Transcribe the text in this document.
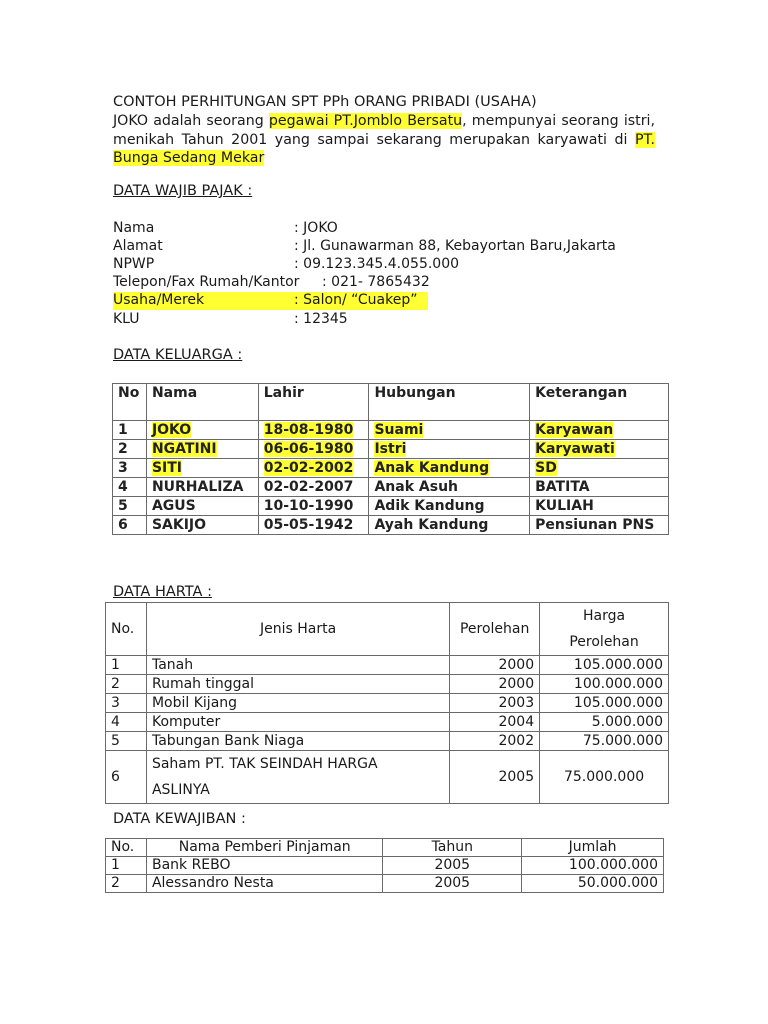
CONTOH PERHITUNGAN SPT PPh ORANG PRIBADI (USAHA)
JOKO adalah seorang pegawai PT.Jomblo Bersatu, mempunyai seorang istri, menikah Tahun 2001 yang sampai sekarang merupakan karyawati di PT. Bunga Sedang Mekar
DATA WAJIB PAJAK :
Nama	: JOKO
Alamat	: Jl. Gunawarman 88, Kebayortan Baru,Jakarta
NPWP	: 09.123.345.4.055.000
Telepon/Fax Rumah/Kantor : 021- 7865432
Usaha/Merek	: Salon/ “Cuakep”
KLU	: 12345
DATA KELUARGA :
No	Nama	Lahir	Hubungan	Keterangan
1	JOKO	18-08-1980	Suami	Karyawan
2	NGATINI	06-06-1980	Istri	Karyawati
3	SITI	02-02-2002	Anak Kandung	SD
4	NURHALIZA	02-02-2007	Anak Asuh	BATITA
5	AGUS	10-10-1990	Adik Kandung	KULIAH
6	SAKIJO	05-05-1942	Ayah Kandung	Pensiunan PNS
DATA HARTA :
No.	Jenis Harta	Perolehan	Harga Perolehan
1	Tanah	2000	105.000.000
2	Rumah tinggal	2000	100.000.000
3	Mobil Kijang	2003	105.000.000
4	Komputer	2004	5.000.000
5	Tabungan Bank Niaga	2002	75.000.000
6	Saham PT. TAK SEINDAH HARGA ASLINYA	2005	75.000.000
DATA KEWAJIBAN :
No.	Nama Pemberi Pinjaman	Tahun	Jumlah
1	Bank REBO	2005	100.000.000
2	Alessandro Nesta	2005	50.000.000
